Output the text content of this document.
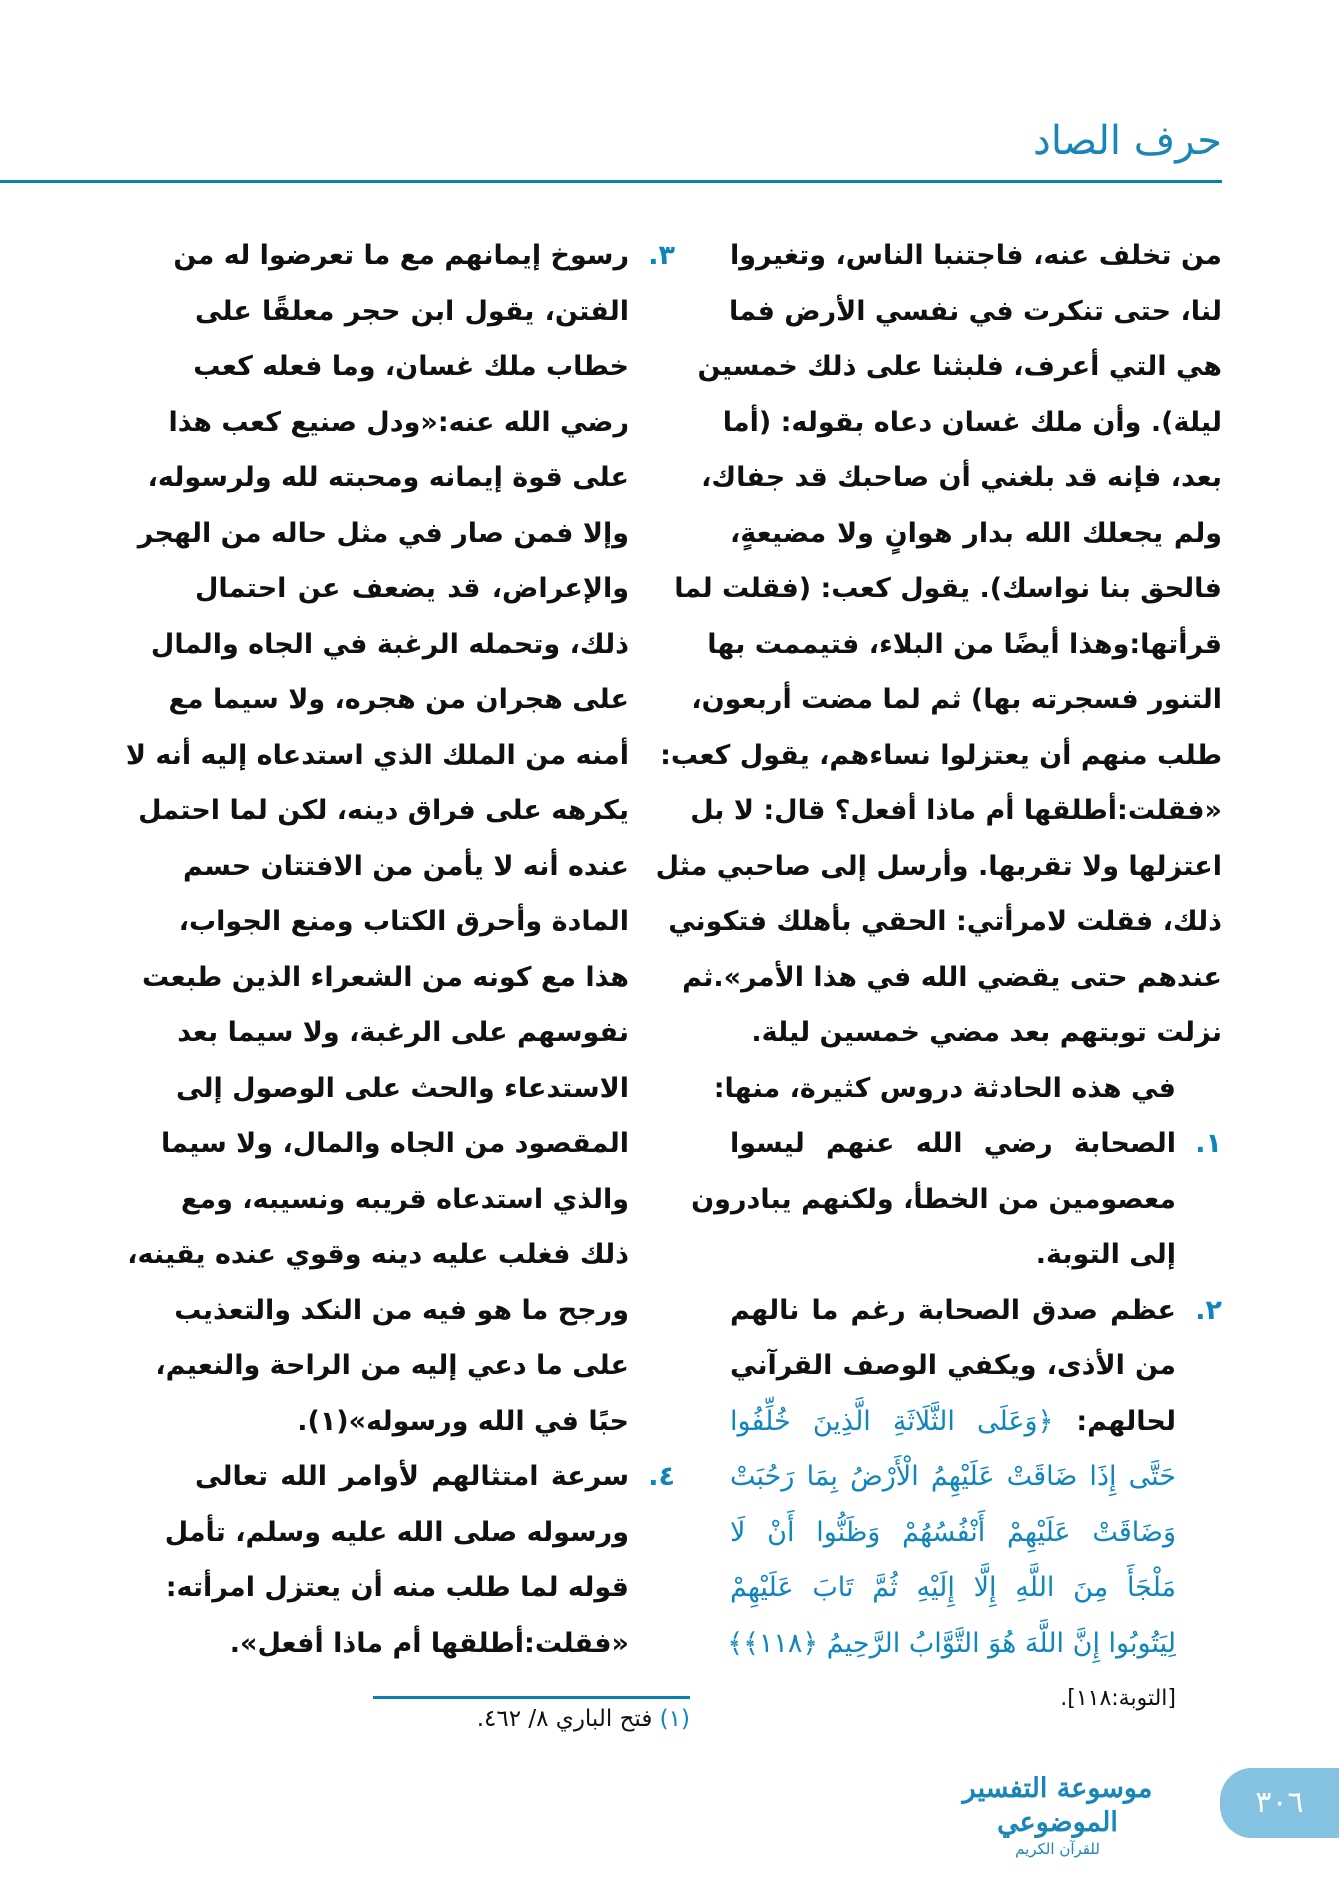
حرف الصاد
من تخلف عنه، فاجتنبا الناس، وتغيروا
لنا، حتى تنكرت في نفسي الأرض فما
هي التي أعرف، فلبثنا على ذلك خمسين
ليلة). وأن ملك غسان دعاه بقوله: (أما
بعد، فإنه قد بلغني أن صاحبك قد جفاك،
ولم يجعلك الله بدار هوانٍ ولا مضيعةٍ،
فالحق بنا نواسك). يقول كعب: (فقلت لما
قرأتها:وهذا أيضًا من البلاء، فتيممت بها
التنور فسجرته بها) ثم لما مضت أربعون،
طلب منهم أن يعتزلوا نساءهم، يقول كعب:
«فقلت:أطلقها أم ماذا أفعل؟ قال: لا بل
اعتزلها ولا تقربها. وأرسل إلى صاحبي مثل
ذلك، فقلت لامرأتي: الحقي بأهلك فتكوني
عندهم حتى يقضي الله في هذا الأمر».ثم
نزلت توبتهم بعد مضي خمسين ليلة.
في هذه الحادثة دروس كثيرة، منها:
١.
الصحابة رضي الله عنهم ليسوا
معصومين من الخطأ، ولكنهم يبادرون
إلى التوبة.
٢.
عظم صدق الصحابة رغم ما نالهم
من الأذى، ويكفي الوصف القرآني
لحالهم: ﴿وَعَلَى الثَّلَاثَةِ الَّذِينَ خُلِّفُوا
حَتَّى إِذَا ضَاقَتْ عَلَيْهِمُ الْأَرْضُ بِمَا رَحُبَتْ
وَضَاقَتْ عَلَيْهِمْ أَنْفُسُهُمْ وَظَنُّوا أَنْ لَا
مَلْجَأَ مِنَ اللَّهِ إِلَّا إِلَيْهِ ثُمَّ تَابَ عَلَيْهِمْ
لِيَتُوبُوا إِنَّ اللَّهَ هُوَ التَّوَّابُ الرَّحِيمُ ﴿١١٨﴾﴾
[التوبة:١١٨].
٣.
رسوخ إيمانهم مع ما تعرضوا له من
الفتن، يقول ابن حجر معلقًا على
خطاب ملك غسان، وما فعله كعب
رضي الله عنه:«ودل صنيع كعب هذا
على قوة إيمانه ومحبته لله ولرسوله،
وإلا فمن صار في مثل حاله من الهجر
والإعراض، قد يضعف عن احتمال
ذلك، وتحمله الرغبة في الجاه والمال
على هجران من هجره، ولا سيما مع
أمنه من الملك الذي استدعاه إليه أنه لا
يكرهه على فراق دينه، لكن لما احتمل
عنده أنه لا يأمن من الافتتان حسم
المادة وأحرق الكتاب ومنع الجواب،
هذا مع كونه من الشعراء الذين طبعت
نفوسهم على الرغبة، ولا سيما بعد
الاستدعاء والحث على الوصول إلى
المقصود من الجاه والمال، ولا سيما
والذي استدعاه قريبه ونسيبه، ومع
ذلك فغلب عليه دينه وقوي عنده يقينه،
ورجح ما هو فيه من النكد والتعذيب
على ما دعي إليه من الراحة والنعيم،
حبًا في الله ورسوله»(١).
٤.
سرعة امتثالهم لأوامر الله تعالى
ورسوله صلى الله عليه وسلم، تأمل
قوله لما طلب منه أن يعتزل امرأته:
«فقلت:أطلقها أم ماذا أفعل».
(١) فتح الباري ٨/ ٤٦٢.
موسوعة التفسير الموضوعي
للقرآن الكريم
٣٠٦
